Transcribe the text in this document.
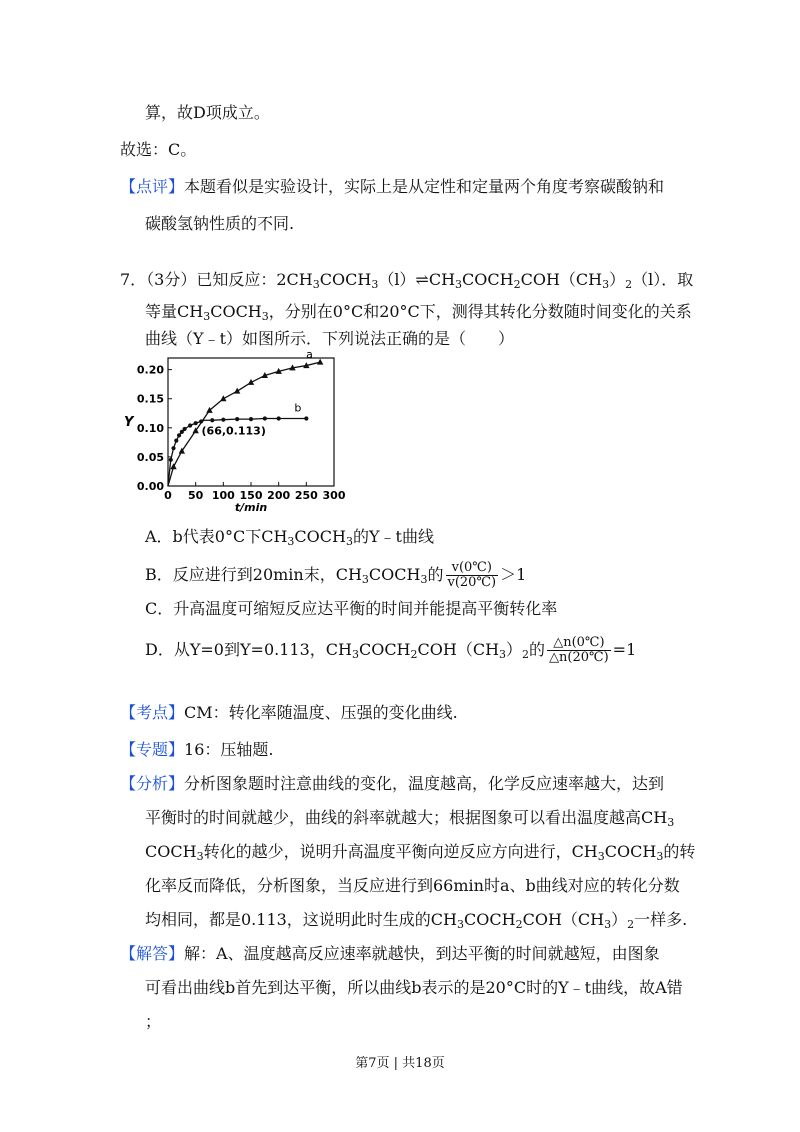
算，故D项成立。
故选：C。
【点评】本题看似是实验设计，实际上是从定性和定量两个角度考察碳酸钠和
碳酸氢钠性质的不同.
7．（3分）已知反应：$2CH_3COCH_3(l)\rightleftharpoons CH_3COCH_2COH(CH_3)_2(l)$．取
等量$CH_3COCH_3$，分别在0°C和20°C下，测得其转化分数随时间变化的关系
曲线（Y﹣t）如图所示．下列说法正确的是（　　）
0 50 100 150 200 250 300
0.00
0.05
0.10
0.15
0.20
t/min
Y
a
b
(66,0.113)
A．b代表0°C下$CH_3COCH_3$的Y﹣t曲线
B．反应进行到20min末，$CH_3COCH_3$的 $\frac{v(0℃)}{v(20℃)} >1$
C．升高温度可缩短反应达平衡的时间并能提高平衡转化率
D．从Y=0到Y=0.113，$CH_3COCH_2COH(CH_3)_2$的 $\frac{\triangle n(0℃)}{\triangle n(20℃)} =1$
【考点】CM：转化率随温度、压强的变化曲线.
【专题】16：压轴题.
【分析】分析图象题时注意曲线的变化，温度越高，化学反应速率越大，达到
平衡时的时间就越少，曲线的斜率就越大；根据图象可以看出温度越高$CH_3$
$COCH_3$转化的越少，说明升高温度平衡向逆反应方向进行，$CH_3COCH_3$的转
化率反而降低，分析图象，当反应进行到66min时a、b曲线对应的转化分数
均相同，都是0.113，这说明此时生成的$CH_3COCH_2COH(CH_3)_2$一样多.
【解答】解：A、温度越高反应速率就越快，到达平衡的时间就越短，由图象
可看出曲线b首先到达平衡，所以曲线b表示的是20°C时的Y﹣t曲线，故A错
；
第7页 | 共18页
